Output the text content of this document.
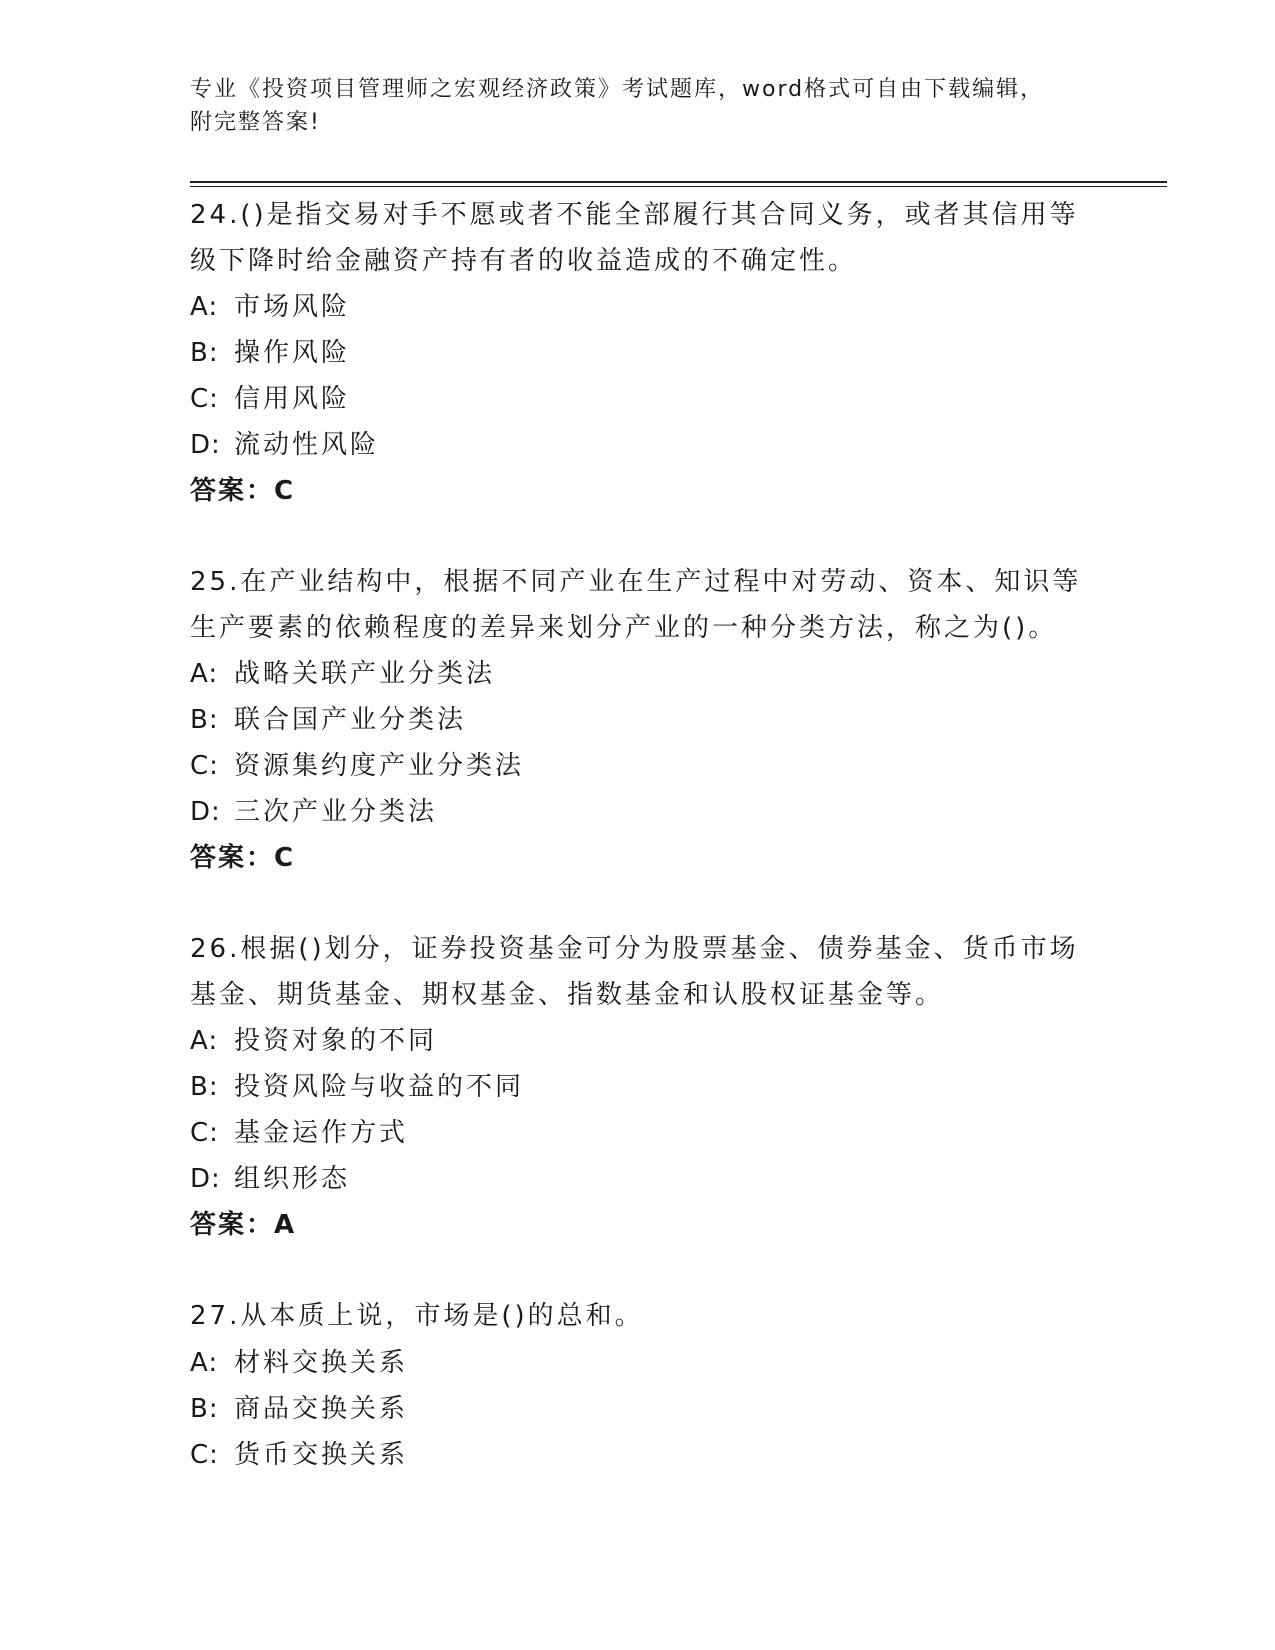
专业《投资项目管理师之宏观经济政策》考试题库，word格式可自由下载编辑，
附完整答案!

24.()是指交易对手不愿或者不能全部履行其合同义务，或者其信用等级下降时给金融资产持有者的收益造成的不确定性。

A: 市场风险
B: 操作风险
C: 信用风险
D: 流动性风险
答案：C

25.在产业结构中，根据不同产业在生产过程中对劳动、资本、知识等生产要素的依赖程度的差异来划分产业的一种分类方法，称之为()。

A: 战略关联产业分类法
B: 联合国产业分类法
C: 资源集约度产业分类法
D: 三次产业分类法
答案：C

26.根据()划分，证券投资基金可分为股票基金、债券基金、货币市场基金、期货基金、期权基金、指数基金和认股权证基金等。

A: 投资对象的不同
B: 投资风险与收益的不同
C: 基金运作方式
D: 组织形态
答案：A

27.从本质上说，市场是()的总和。

A: 材料交换关系
B: 商品交换关系
C: 货币交换关系
